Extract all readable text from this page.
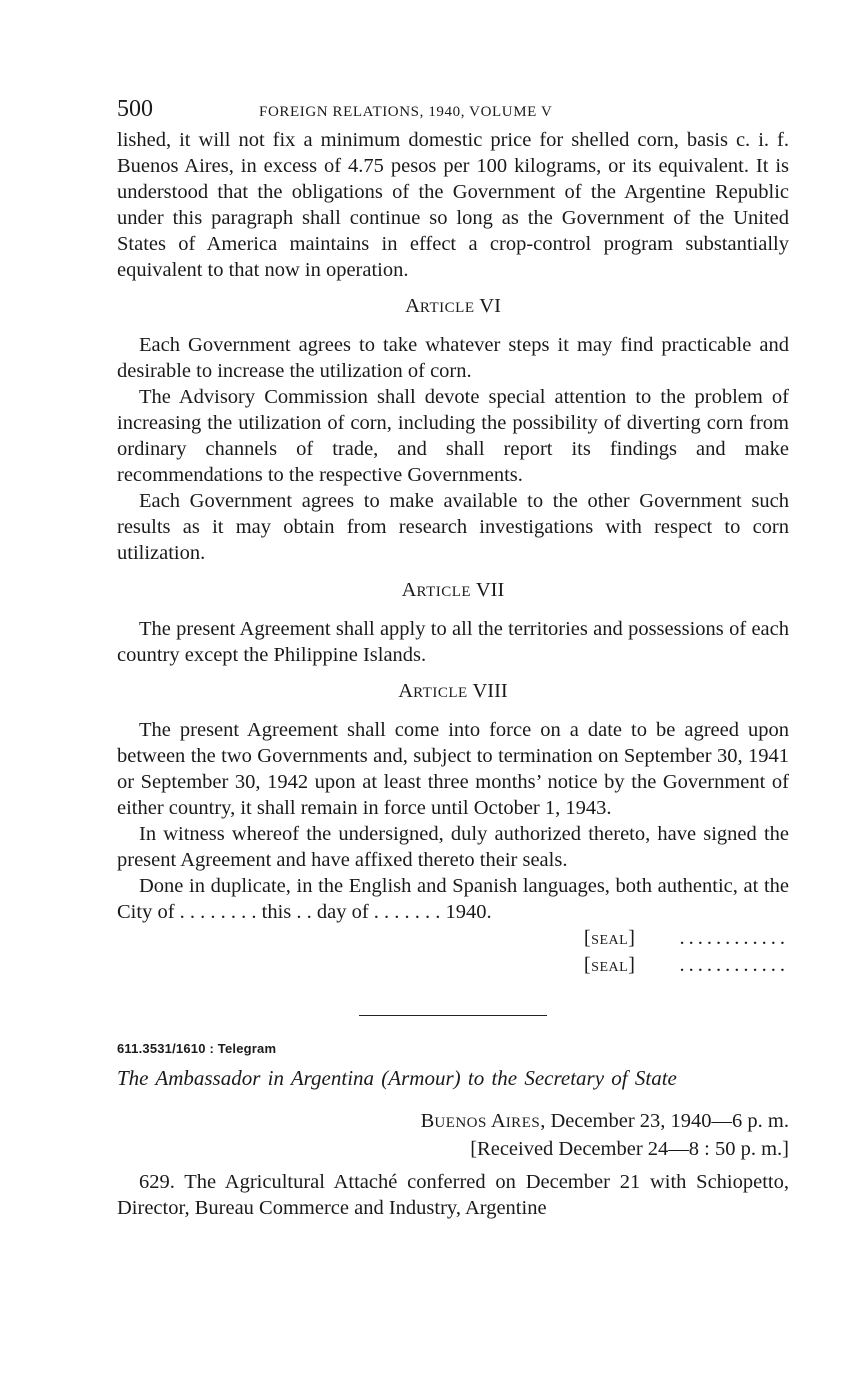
500	FOREIGN RELATIONS, 1940, VOLUME V

lished, it will not fix a minimum domestic price for shelled corn, basis c. i. f. Buenos Aires, in excess of 4.75 pesos per 100 kilograms, or its equivalent. It is understood that the obligations of the Government of the Argentine Republic under this paragraph shall continue so long as the Government of the United States of America maintains in effect a crop-control program substantially equivalent to that now in operation.

ARTICLE VI

Each Government agrees to take whatever steps it may find practicable and desirable to increase the utilization of corn.

The Advisory Commission shall devote special attention to the problem of increasing the utilization of corn, including the possibility of diverting corn from ordinary channels of trade, and shall report its findings and make recommendations to the respective Governments.

Each Government agrees to make available to the other Government such results as it may obtain from research investigations with respect to corn utilization.

ARTICLE VII

The present Agreement shall apply to all the territories and possessions of each country except the Philippine Islands.

ARTICLE VIII

The present Agreement shall come into force on a date to be agreed upon between the two Governments and, subject to termination on September 30, 1941 or September 30, 1942 upon at least three months’ notice by the Government of either country, it shall remain in force until October 1, 1943.

In witness whereof the undersigned, duly authorized thereto, have signed the present Agreement and have affixed thereto their seals.

Done in duplicate, in the English and Spanish languages, both authentic, at the City of . . . . . . . . this . . day of . . . . . . . 1940.

[SEAL] ............
[SEAL] ............

611.3531/1610 : Telegram

The Ambassador in Argentina (Armour) to the Secretary of State

BUENOS AIRES, December 23, 1940—6 p. m.

[Received December 24—8 : 50 p. m.]

629. The Agricultural Attaché conferred on December 21 with Schiopetto, Director, Bureau Commerce and Industry, Argentine
